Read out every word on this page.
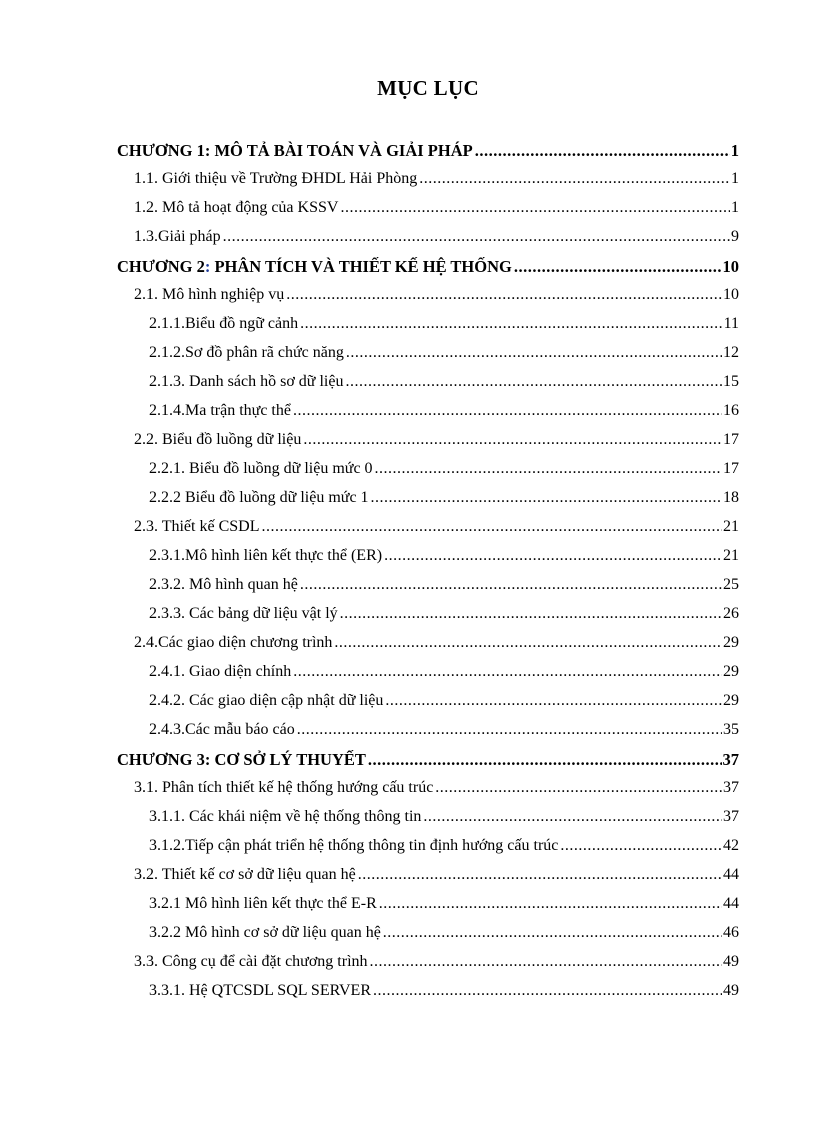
MỤC LỤC
CHƯƠNG 1: MÔ TẢ BÀI TOÁN VÀ GIẢI PHÁP .....	1
1.1. Giới thiệu về Trường ĐHDL Hải Phòng .....	1
1.2. Mô tả hoạt động của KSSV .....	1
1.3.Giải pháp .....	9
CHƯƠNG 2: PHÂN TÍCH VÀ THIẾT KẾ HỆ THỐNG .....	10
2.1. Mô hình nghiệp vụ .....	10
2.1.1.Biểu đồ ngữ cảnh .....	11
2.1.2.Sơ đồ phân rã chức năng .....	12
2.1.3. Danh sách hồ sơ dữ liệu .....	15
2.1.4.Ma trận thực thể .....	16
2.2. Biểu đồ luồng dữ liệu .....	17
2.2.1. Biểu đồ luồng dữ liệu mức 0 .....	17
2.2.2 Biểu đồ luồng dữ liệu mức 1 .....	18
2.3. Thiết kế CSDL .....	21
2.3.1.Mô hình liên kết thực thể (ER) .....	21
2.3.2. Mô hình quan hệ .....	25
2.3.3. Các bảng dữ liệu vật lý .....	26
2.4.Các giao diện chương trình .....	29
2.4.1. Giao diện chính .....	29
2.4.2. Các giao diện cập nhật dữ liệu .....	29
2.4.3.Các mẫu báo cáo .....	35
CHƯƠNG 3: CƠ SỞ LÝ THUYẾT .....	37
3.1. Phân tích thiết kế hệ thống hướng cấu trúc .....	37
3.1.1. Các khái niệm về hệ thống thông tin .....	37
3.1.2.Tiếp cận phát triển hệ thống thông tin định hướng cấu trúc .....	42
3.2. Thiết kế cơ sở dữ liệu quan hệ .....	44
3.2.1 Mô hình liên kết thực thể E-R .....	44
3.2.2 Mô hình cơ sở dữ liệu quan hệ .....	46
3.3. Công cụ để cài đặt chương trình .....	49
3.3.1. Hệ QTCSDL SQL SERVER .....	49
